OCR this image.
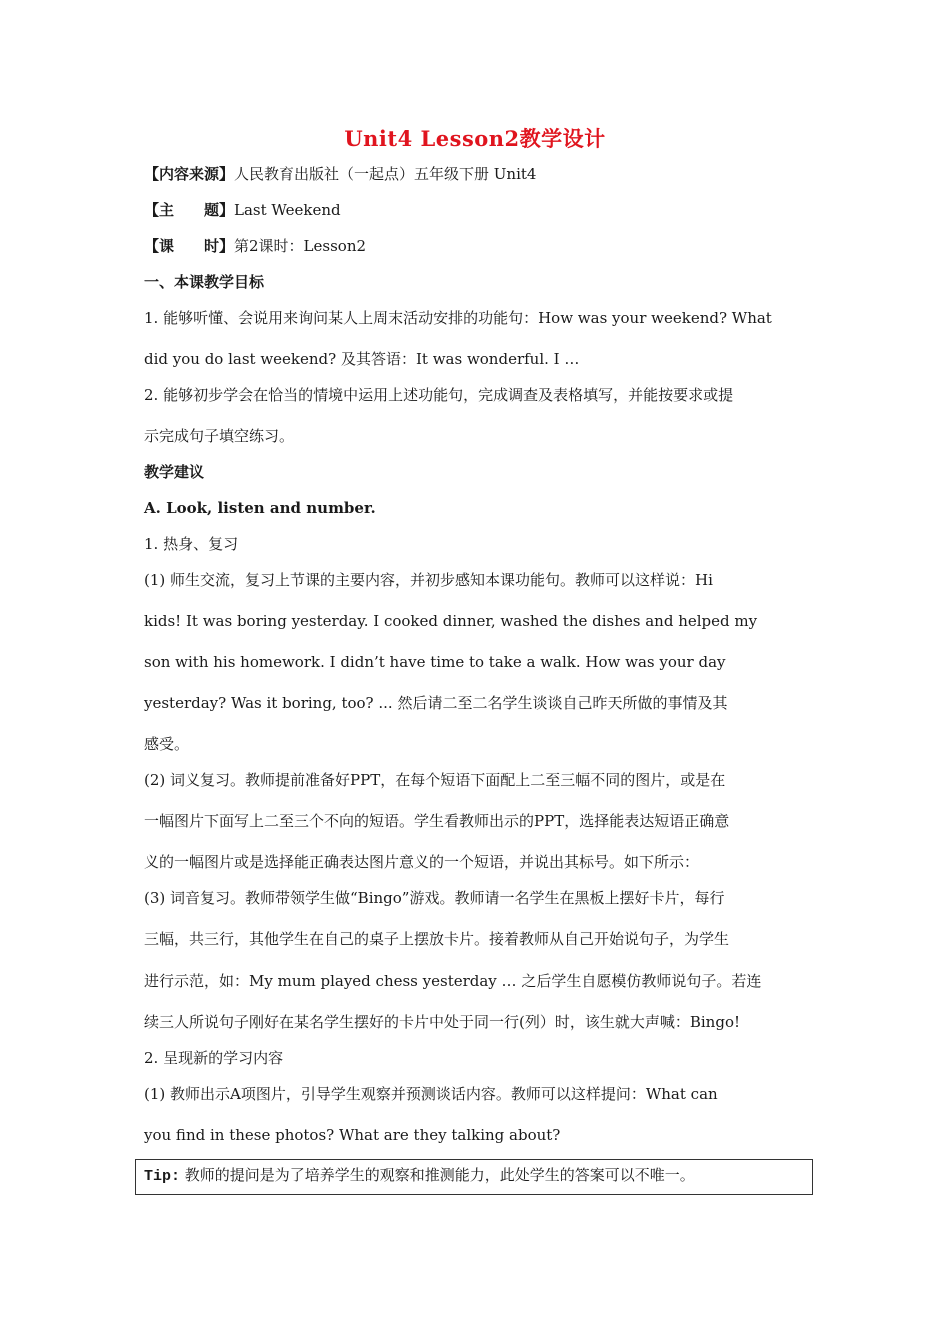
Unit4 Lesson2教学设计
【内容来源】人民教育出版社（一起点）五年级下册 Unit4
【主　　题】Last Weekend
【课　　时】第2课时：Lesson2
一、本课教学目标
1. 能够听懂、会说用来询问某人上周末活动安排的功能句：How was your weekend? What
did you do last weekend? 及其答语：It was wonderful. I …
2. 能够初步学会在恰当的情境中运用上述功能句，完成调查及表格填写，并能按要求或提
示完成句子填空练习。
教学建议
A. Look, listen and number.
1. 热身、复习
(1) 师生交流，复习上节课的主要内容，并初步感知本课功能句。教师可以这样说：Hi
kids! It was boring yesterday. I cooked dinner, washed the dishes and helped my
son with his homework. I didn’t have time to take a walk. How was your day
yesterday? Was it boring, too? ... 然后请二至二名学生谈谈自己昨天所做的事情及其
感受。
(2) 词义复习。教师提前准备好PPT，在每个短语下面配上二至三幅不同的图片，或是在
一幅图片下面写上二至三个不向的短语。学生看教师出示的PPT，选择能表达短语正确意
义的一幅图片或是选择能正确表达图片意义的一个短语，并说出其标号。如下所示：
(3) 词音复习。教师带领学生做“Bingo”游戏。教师请一名学生在黑板上摆好卡片，每行
三幅，共三行，其他学生在自己的桌子上摆放卡片。接着教师从自己开始说句子，为学生
进行示范，如：My mum played chess yesterday … 之后学生自愿模仿教师说句子。若连
续三人所说句子刚好在某名学生摆好的卡片中处于同一行(列）时，该生就大声喊：Bingo!
2. 呈现新的学习内容
(1) 教师出示A项图片，引导学生观察并预测谈话内容。教师可以这样提问：What can
you find in these photos? What are they talking about?
Tip: 教师的提问是为了培养学生的观察和推测能力，此处学生的答案可以不唯一。
